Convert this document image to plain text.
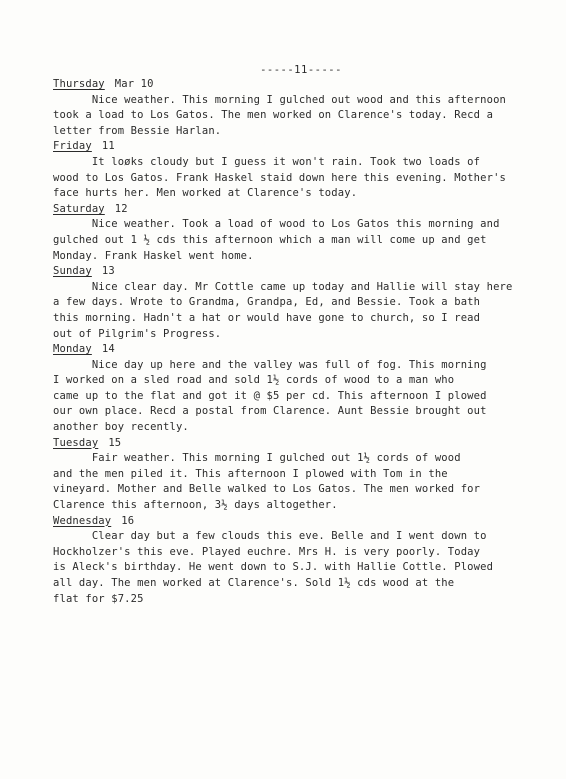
-----11-----
Thursday Mar 10
Nice weather. This morning I gulched out wood and this afternoon
took a load to Los Gatos. The men worked on Clarence's today. Recd a
letter from Bessie Harlan.
Friday 11
It loøks cloudy but I guess it won't rain. Took two loads of
wood to Los Gatos. Frank Haskel staid down here this evening. Mother's
face hurts her. Men worked at Clarence's today.
Saturday 12
Nice weather. Took a load of wood to Los Gatos this morning and
gulched out 1 ½ cds this afternoon which a man will come up and get
Monday. Frank Haskel went home.
Sunday 13
Nice clear day. Mr Cottle came up today and Hallie will stay here
a few days. Wrote to Grandma, Grandpa, Ed, and Bessie. Took a bath
this morning. Hadn't a hat or would have gone to church, so I read
out of Pilgrim's Progress.
Monday 14
Nice day up here and the valley was full of fog. This morning
I worked on a sled road and sold 1½ cords of wood to a man who
came up to the flat and got it @ $5 per cd. This afternoon I plowed
our own place. Recd a postal from Clarence. Aunt Bessie brought out
another boy recently.
Tuesday 15
Fair weather. This morning I gulched out 1½ cords of wood
and the men piled it. This afternoon I plowed with Tom in the
vineyard. Mother and Belle walked to Los Gatos. The men worked for
Clarence this afternoon, 3½ days altogether.
Wednesday 16
Clear day but a few clouds this eve. Belle and I went down to
Hockholzer's this eve. Played euchre. Mrs H. is very poorly. Today
is Aleck's birthday. He went down to S.J. with Hallie Cottle. Plowed
all day. The men worked at Clarence's. Sold 1½ cds wood at the
flat for $7.25
